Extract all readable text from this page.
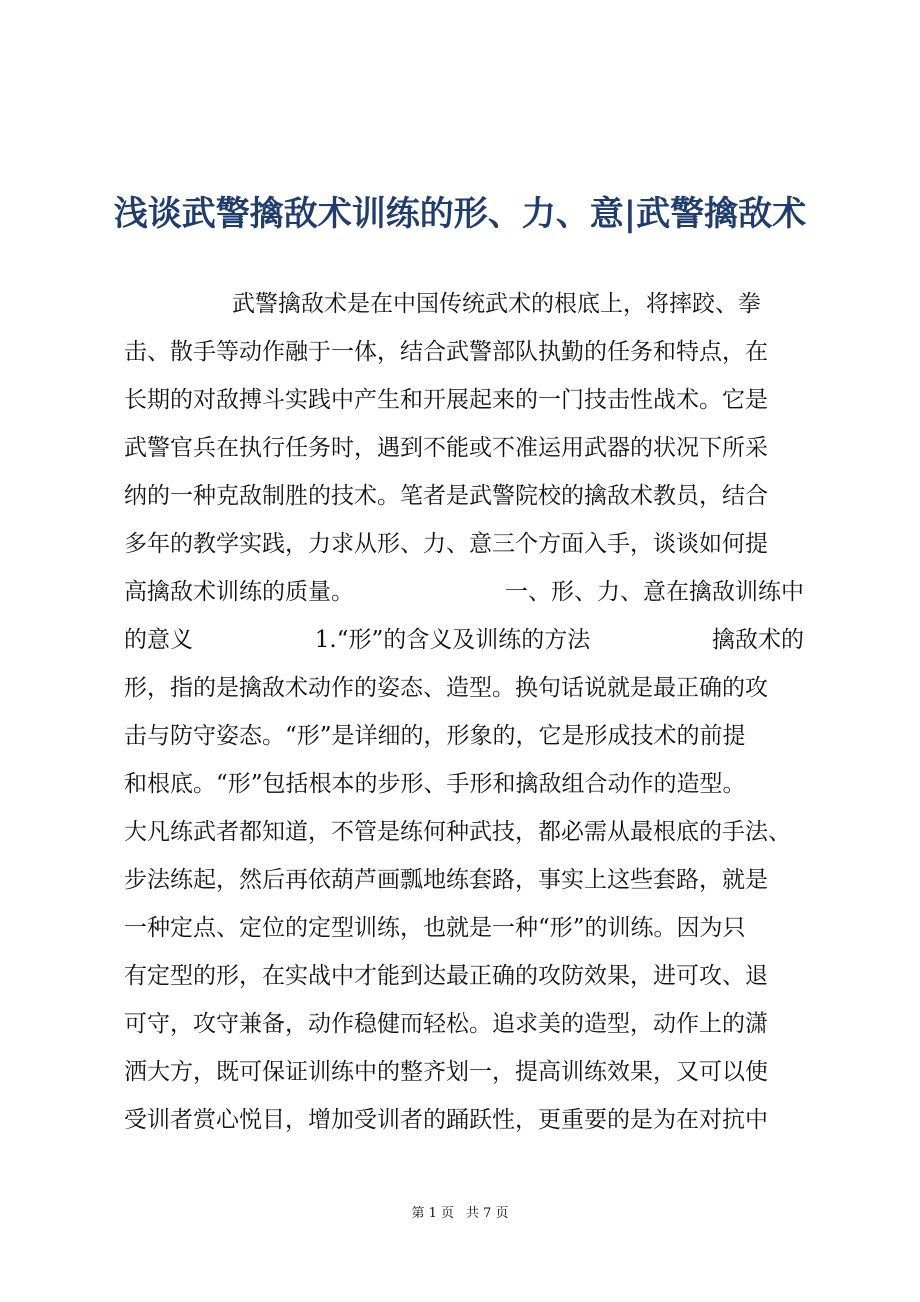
浅谈武警擒敌术训练的形、力、意|武警擒敌术
武警擒敌术是在中国传统武术的根底上，将摔跤、拳
击、散手等动作融于一体，结合武警部队执勤的任务和特点，在
长期的对敌搏斗实践中产生和开展起来的一门技击性战术。它是
武警官兵在执行任务时，遇到不能或不准运用武器的状况下所采
纳的一种克敌制胜的技术。笔者是武警院校的擒敌术教员，结合
多年的教学实践，力求从形、力、意三个方面入手，谈谈如何提
高擒敌术训练的质量。	一、形、力、意在擒敌训练中
的意义	1.“形”的含义及训练的方法	擒敌术的
形，指的是擒敌术动作的姿态、造型。换句话说就是最正确的攻
击与防守姿态。“形”是详细的，形象的，它是形成技术的前提
和根底。“形”包括根本的步形、手形和擒敌组合动作的造型。
大凡练武者都知道，不管是练何种武技，都必需从最根底的手法、
步法练起，然后再依葫芦画瓢地练套路，事实上这些套路，就是
一种定点、定位的定型训练，也就是一种“形”的训练。因为只
有定型的形，在实战中才能到达最正确的攻防效果，进可攻、退
可守，攻守兼备，动作稳健而轻松。追求美的造型，动作上的潇
洒大方，既可保证训练中的整齐划一，提高训练效果，又可以使
受训者赏心悦目，增加受训者的踊跃性，更重要的是为在对抗中
第 1 页 共 7 页
